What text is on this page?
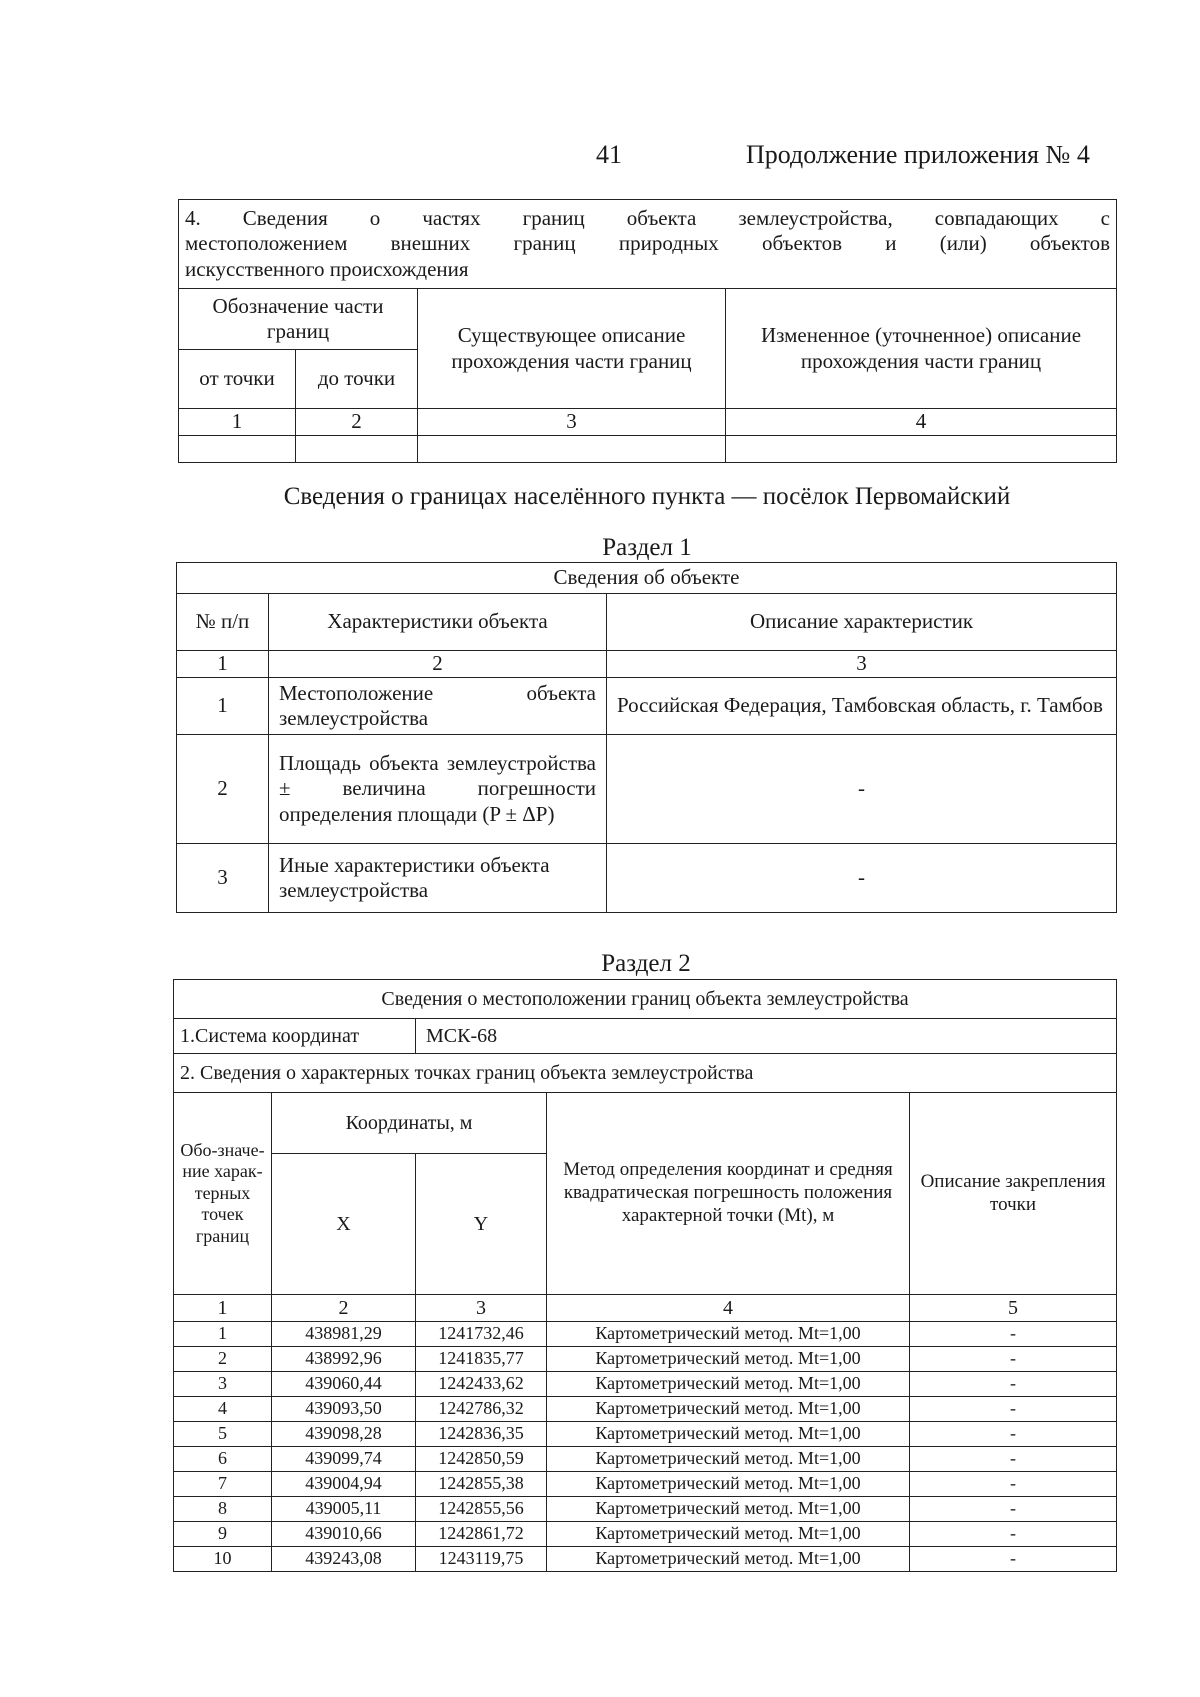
41	Продолжение приложения № 4
4. Сведения о частях границ объекта землеустройства, совпадающих с
местоположением внешних границ природных объектов и (или) объектов
искусственного происхождения			

Обозначение части границ		Существующее описание прохождения части границ	Измененное (уточненное) описание прохождения части границ
от точки	до точки		
1	2	3	4

Сведения о границах населённого пункта — посёлок Первомайский
Раздел 1
Сведения об объекте		
№ п/п	Характеристики объекта	Описание характеристик
1	2	3
1	Местоположение объекта землеустройства	Российская Федерация, Тамбовская область, г. Тамбов
2	Площадь объекта землеустройства ± величина погрешности определения площади (P ± ΔP)	-
3	Иные характеристики объекта землеустройства	-
Раздел 2
Сведения о местоположении границ объекта землеустройства				
1.Система координат		МСК-68		
2. Сведения о характерных точках границ объекта землеустройства				
Обо-значе-ние харак-терных точек границ	Координаты, м		Метод определения координат и средняя квадратическая погрешность положения характерной точки (Mt), м	Описание закрепления точки
	X	Y		
1	2	3	4	5
1	438981,29	1241732,46	Картометрический метод. Mt=1,00	-
2	438992,96	1241835,77	Картометрический метод. Mt=1,00	-
3	439060,44	1242433,62	Картометрический метод. Mt=1,00	-
4	439093,50	1242786,32	Картометрический метод. Mt=1,00	-
5	439098,28	1242836,35	Картометрический метод. Mt=1,00	-
6	439099,74	1242850,59	Картометрический метод. Mt=1,00	-
7	439004,94	1242855,38	Картометрический метод. Mt=1,00	-
8	439005,11	1242855,56	Картометрический метод. Mt=1,00	-
9	439010,66	1242861,72	Картометрический метод. Mt=1,00	-
10	439243,08	1243119,75	Картометрический метод. Mt=1,00	-
